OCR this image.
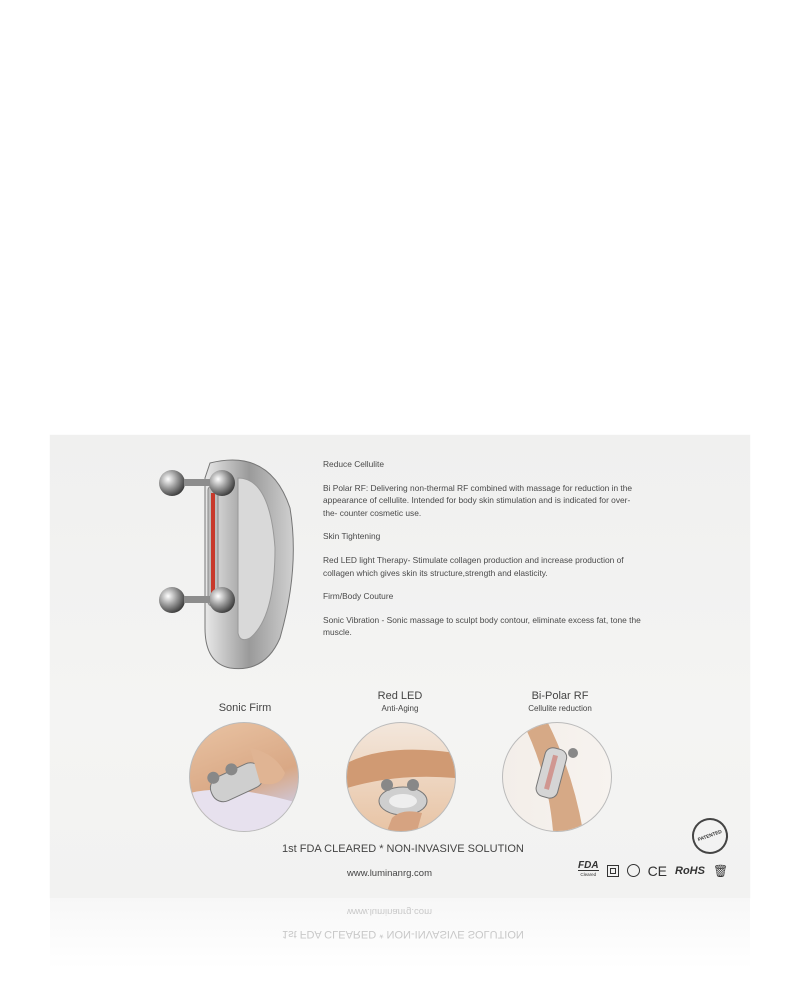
Reduce Cellulite

Bi Polar RF: Delivering non-thermal RF combined with massage for reduction in the appearance of cellulite. Intended for body skin stimulation and is indicated for over-the- counter cosmetic use.

Skin Tightening

Red LED light Therapy- Stimulate collagen production and increase production of collagen which gives skin its structure,strength and elasticity.

Firm/Body Couture

Sonic Vibration - Sonic massage to sculpt body contour, eliminate excess fat, tone the muscle.

Sonic Firm
Red LED
Anti-Aging
Bi-Polar RF
Cellulite reduction
1st FDA CLEARED * NON-INVASIVE SOLUTION
www.luminanrg.com
PATENTED
FDA
Cleared	CE RoHS 🗑
www.luminanrg.com
1st FDA CLEARED * NON-INVASIVE SOLUTION
